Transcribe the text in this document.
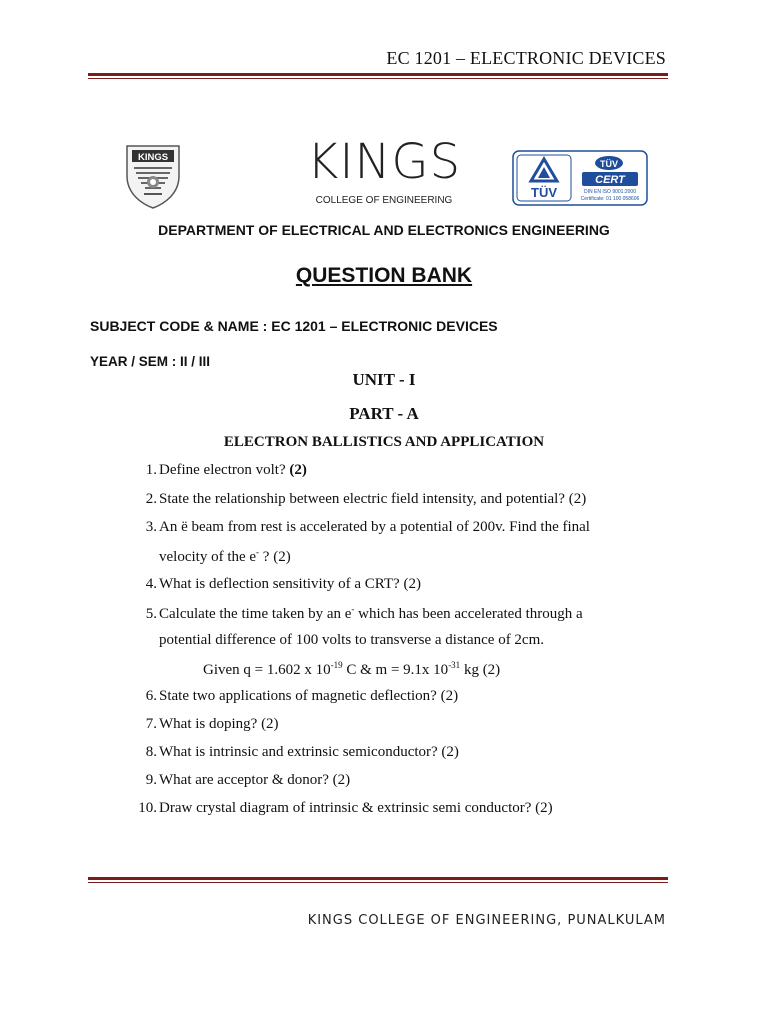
EC 1201 – ELECTRONIC DEVICES
KINGS	KINGS
COLLEGE OF ENGINEERING
TÜV
TÜV
CERT
DIN EN ISO 9001:2000
Certificate: 01 100 058606
DEPARTMENT OF ELECTRICAL AND ELECTRONICS ENGINEERING
QUESTION BANK
SUBJECT CODE & NAME : EC 1201 – ELECTRONIC DEVICES
YEAR / SEM : II / III
UNIT - I
PART - A
ELECTRON BALLISTICS AND APPLICATION
1. Define electron volt? (2)
2. State the relationship between electric field intensity, and potential? (2)
3. An ë beam from rest is accelerated by a potential of 200v. Find the final
velocity of the e- ? (2)
4. What is deflection sensitivity of a CRT? (2)
5. Calculate the time taken by an e- which has been accelerated through a
potential difference of 100 volts to transverse a distance of 2cm.
Given q = 1.602 x $10^{-19}$ C & m = 9.1x $10^{-31}$ kg (2)
6. State two applications of magnetic deflection? (2)
7. What is doping? (2)
8. What is intrinsic and extrinsic semiconductor? (2)
9. What are acceptor & donor? (2)
10. Draw crystal diagram of intrinsic & extrinsic semi conductor? (2)
KINGS COLLEGE OF ENGINEERING, PUNALKULAM
